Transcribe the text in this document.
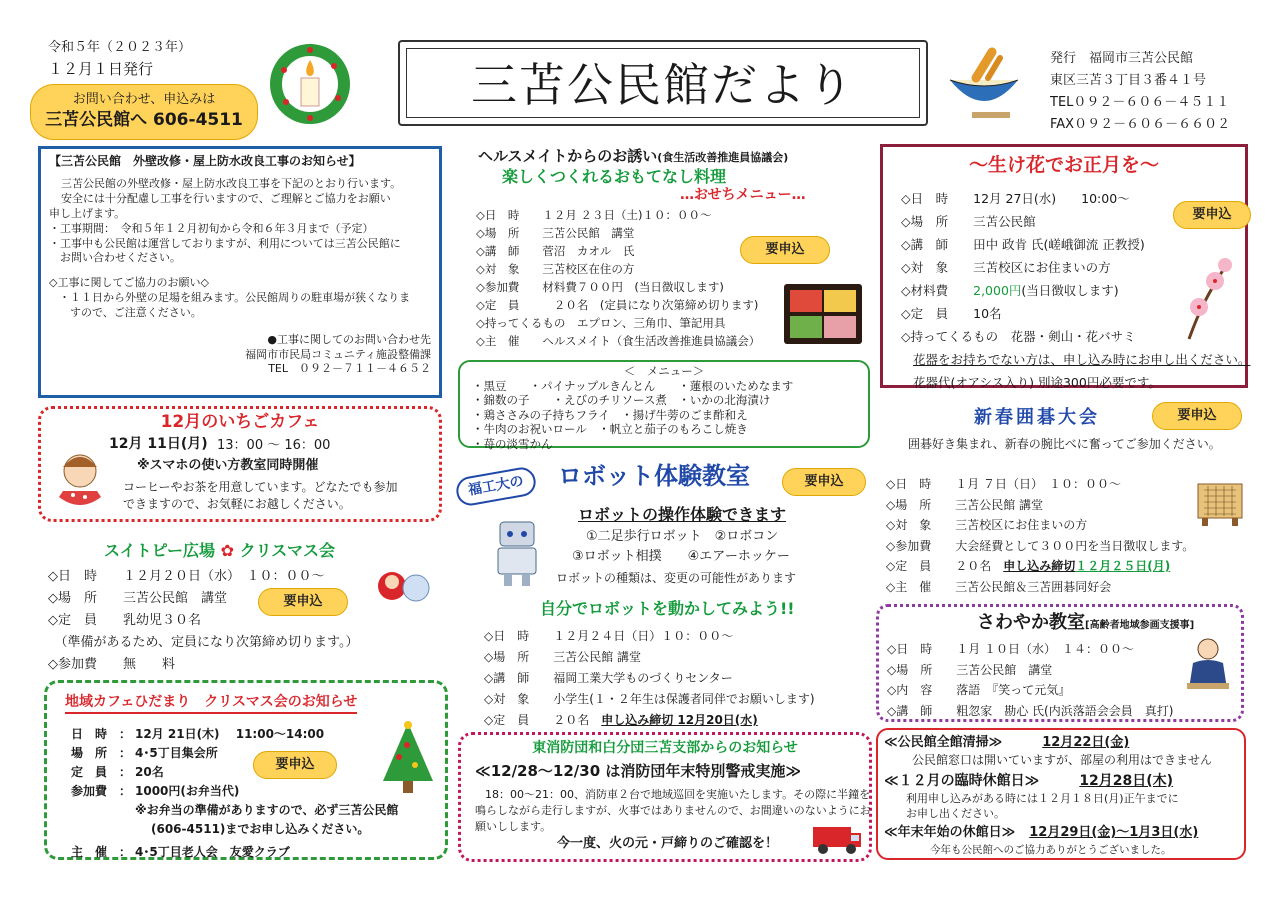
令和５年（２０２３年）
１２月１日発行
お問い合わせ、申込みは
三苫公民館へ 606-4511
三苫公民館だより	発行　福岡市三苫公民館
東区三苫３丁目３番４１号
TEL０９２－６０６－４５１１
FAX０９２－６０６－６６０２
【三苫公民館　外壁改修・屋上防水改良工事のお知らせ】
三苫公民館の外壁改修・屋上防水改良工事を下記のとおり行います。
安全には十分配慮し工事を行いますので、ご理解とご協力をお願い
申し上げます。
・工事期間：　令和５年１２月初旬から令和６年３月まで（予定）
・工事中も公民館は運営しておりますが、利用については三苫公民館に
　お問い合わせください。
◇工事に関してご協力のお願い◇
・１１日から外壁の足場を組みます。公民館周りの駐車場が狭くなりま
　すので、ご注意ください。
●工事に関してのお問い合わせ先
福岡市市民局コミュニティ施設整備課
TEL　０９２－７１１－４６５２
12月のいちごカフェ
12月 11日(月) 13：00 ～ 16：00
※スマホの使い方教室同時開催
コーヒーやお茶を用意しています。どなたでも参加
できますので、お気軽にお越しください。
スイトピー広場 ✿ クリスマス会
◇日　時　　１２月２０日（水）　１０：００～
◇場　所　　三苫公民館　講堂
◇定　員　　乳幼児３０名
　（準備があるため、定員になり次第締め切ります。）
◇参加費　　無　　料
要申込
地域カフェひだまり　クリスマス会のお知らせ
日　時　： 12月 21日(木)　 11:00～14:00
場　所　： 4･5丁目集会所
定　員　： 20名
参加費　： 1000円(お弁当代)
※お弁当の準備がありますので、必ず三苫公民館
(606-4511)までお申し込みください。
主　催　： 4･5丁目老人会　友愛クラブ
要申込
ヘルスメイトからのお誘い(食生活改善推進員協議会)
楽しくつくれるおもてなし料理
…おせちメニュー…
◇日　時　　１２月 ２３日（土)１０：００～
◇場　所　　三苫公民館　講堂
◇講　師　　菅沼　カオル　氏
◇対　象　　三苫校区在住の方
◇参加費　　材料費７００円　(当日徴収します)
◇定　員　　　２０名　(定員になり次第締め切ります)
◇持ってくるもの　エプロン、三角巾、筆記用具
◇主　催　　ヘルスメイト（食生活改善推進員協議会）
要申込
＜　メニュー＞
・黒豆　　・パイナップルきんとん　　・蓮根のいためなます
・錦数の子　　・えびのチリソース煮　・いかの北海漬け
・鶏ささみの子持ちフライ　・揚げ牛蒡のごま酢和え
・牛肉のお祝いロール　・帆立と茄子のもろこし焼き
・苺の淡雪かん
福工大の	ロボット体験教室	要申込
ロボットの操作体験できます
①二足歩行ロボット　②ロボコン
③ロボット相撲　　④エアーホッケー
ロボットの種類は、変更の可能性があります
自分でロボットを動かしてみよう!!
◇日　時　　１２月２４日（日）１０：００～
◇場　所　　三苫公民館 講堂
◇講　師　　福岡工業大学ものづくりセンター
◇対　象　　小学生(１・２年生は保護者同伴でお願いします)
◇定　員　　２０名　申し込み締切 12月20日(水)
東消防団和白分団三苫支部からのお知らせ
≪12/28～12/30 は消防団年末特別警戒実施≫
18：00～21：00、消防車２台で地域巡回を実施いたします。その際に半鐘を
鳴らしながら走行しますが、火事ではありませんので、お間違いのないようにお
願いしします。
今一度、火の元・戸締りのご確認を！
～生け花でお正月を～
要申込
◇日　時　　12月 27日(水)　　10:00～
◇場　所　　三苫公民館
◇講　師　　田中 政肯 氏(嵯峨御流 正教授)
◇対　象　　三苫校区にお住まいの方
◇材料費　　2,000円(当日徴収します)
◇定　員　　10名
◇持ってくるもの　花器・剣山・花バサミ
花器をお持ちでない方は、申し込み時にお申し出ください。
花器代(オアシス入り) 別途300円必要です。
新春囲碁大会	要申込
囲碁好き集まれ、新春の腕比べに奮ってご参加ください。
◇日　時　　１月 ７日（日）　１０：００～
◇場　所　　三苫公民館 講堂
◇対　象　　三苫校区にお住まいの方
◇参加費　　大会経費として３００円を当日徴収します。
◇定　員　　２０名　申し込み締切１２月２５日(月)
◇主　催　　三苫公民館＆三苫囲碁同好会
さわやか教室[高齢者地域参画支援事]
◇日　時　　１月 １０日（水）　１４：００～
◇場　所　　三苫公民館　講堂
◇内　容　　落語　『笑って元気』
◇講　師　　粗忽家　勘心 氏(内浜落語会会員　真打)
≪公民館全館清掃≫	12月22日(金)
公民館窓口は開いていますが、部屋の利用はできません
≪１２月の臨時休館日≫	12月28日(木)
利用申し込みがある時には１２月１８日(月)正午までに
お申し出ください。
≪年末年始の休館日≫ 12月29日(金)～1月3日(水)
今年も公民館へのご協力ありがとうございました。
